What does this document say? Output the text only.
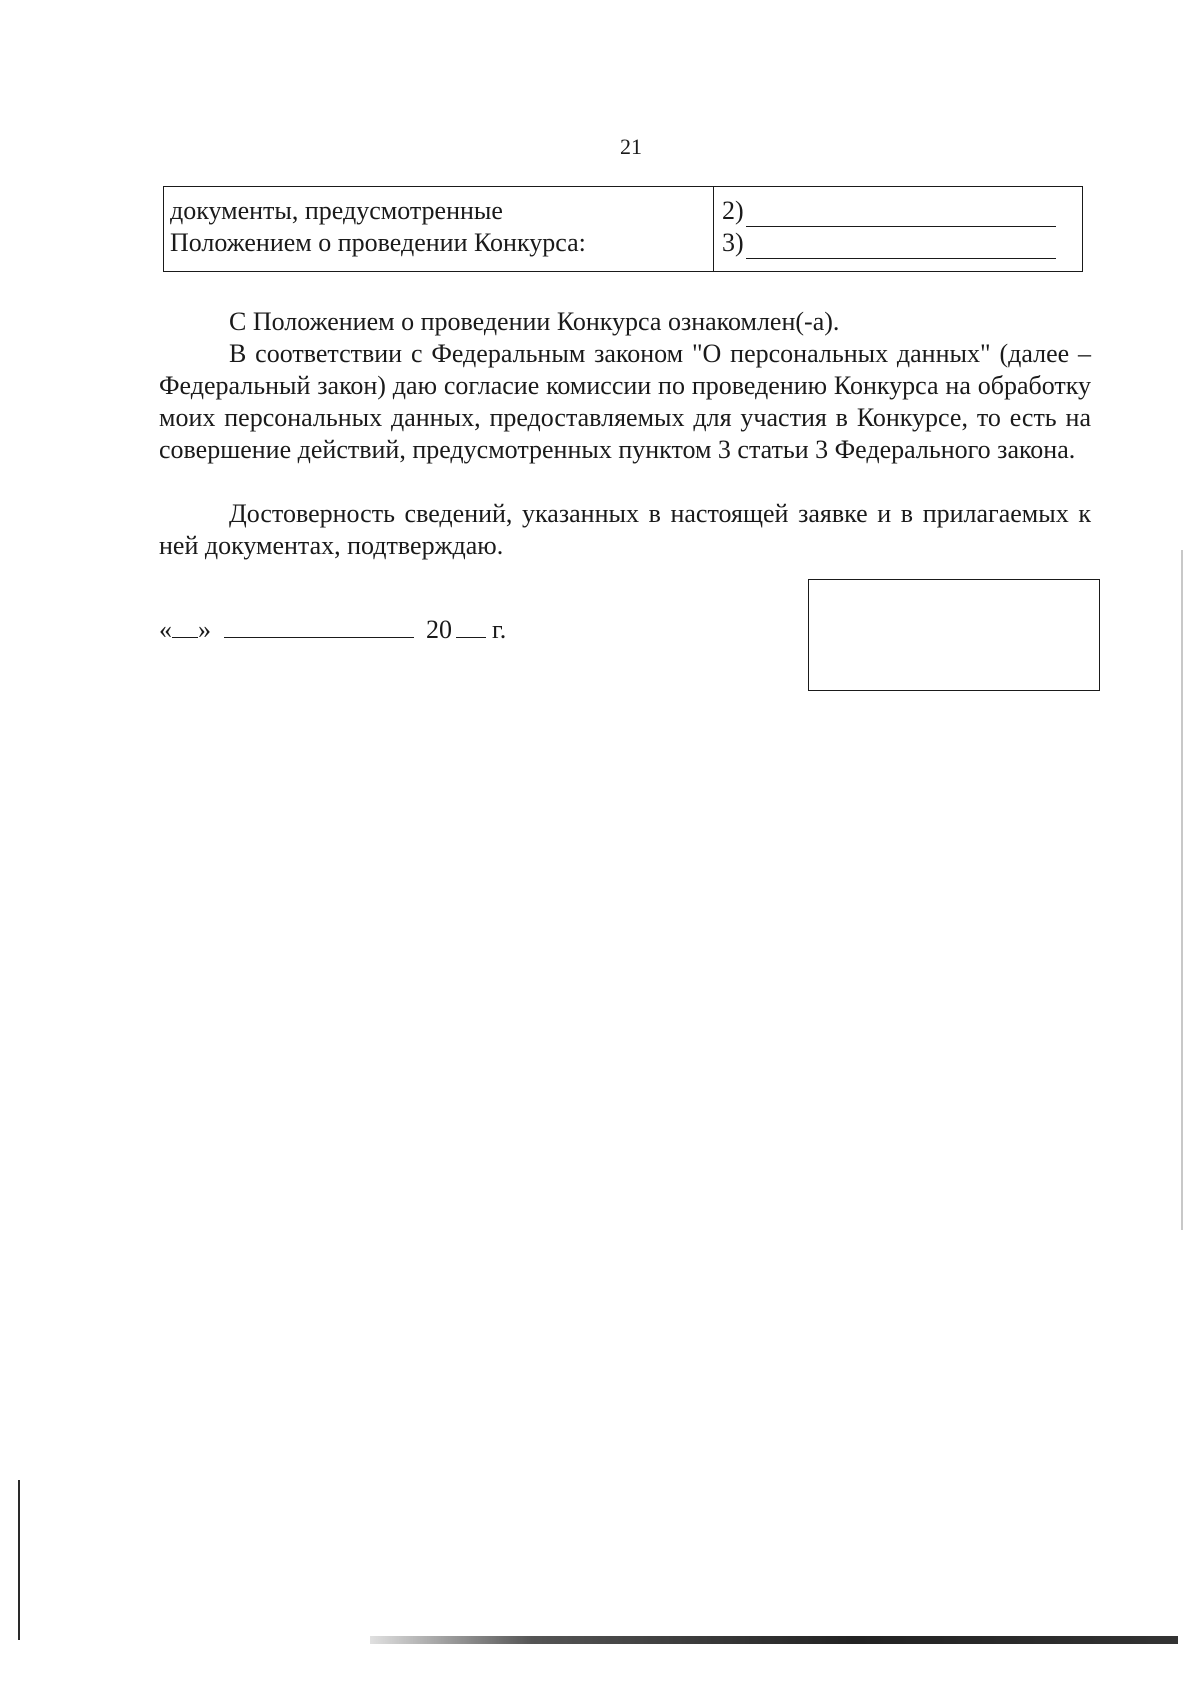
21
документы, предусмотренные
Положением о проведении Конкурса:
2)
3)

С Положением о проведении Конкурса ознакомлен(-а).

В соответствии с Федеральным законом "О персональных данных" (далее – Федеральный закон) даю согласие комиссии по проведению Конкурса на обработку моих персональных данных, предоставляемых для участия в Конкурсе, то есть на совершение действий, предусмотренных пунктом 3 статьи 3 Федерального закона.

Достоверность сведений, указанных в настоящей заявке и в прилагаемых к ней документах, подтверждаю.

« »	20 г.
